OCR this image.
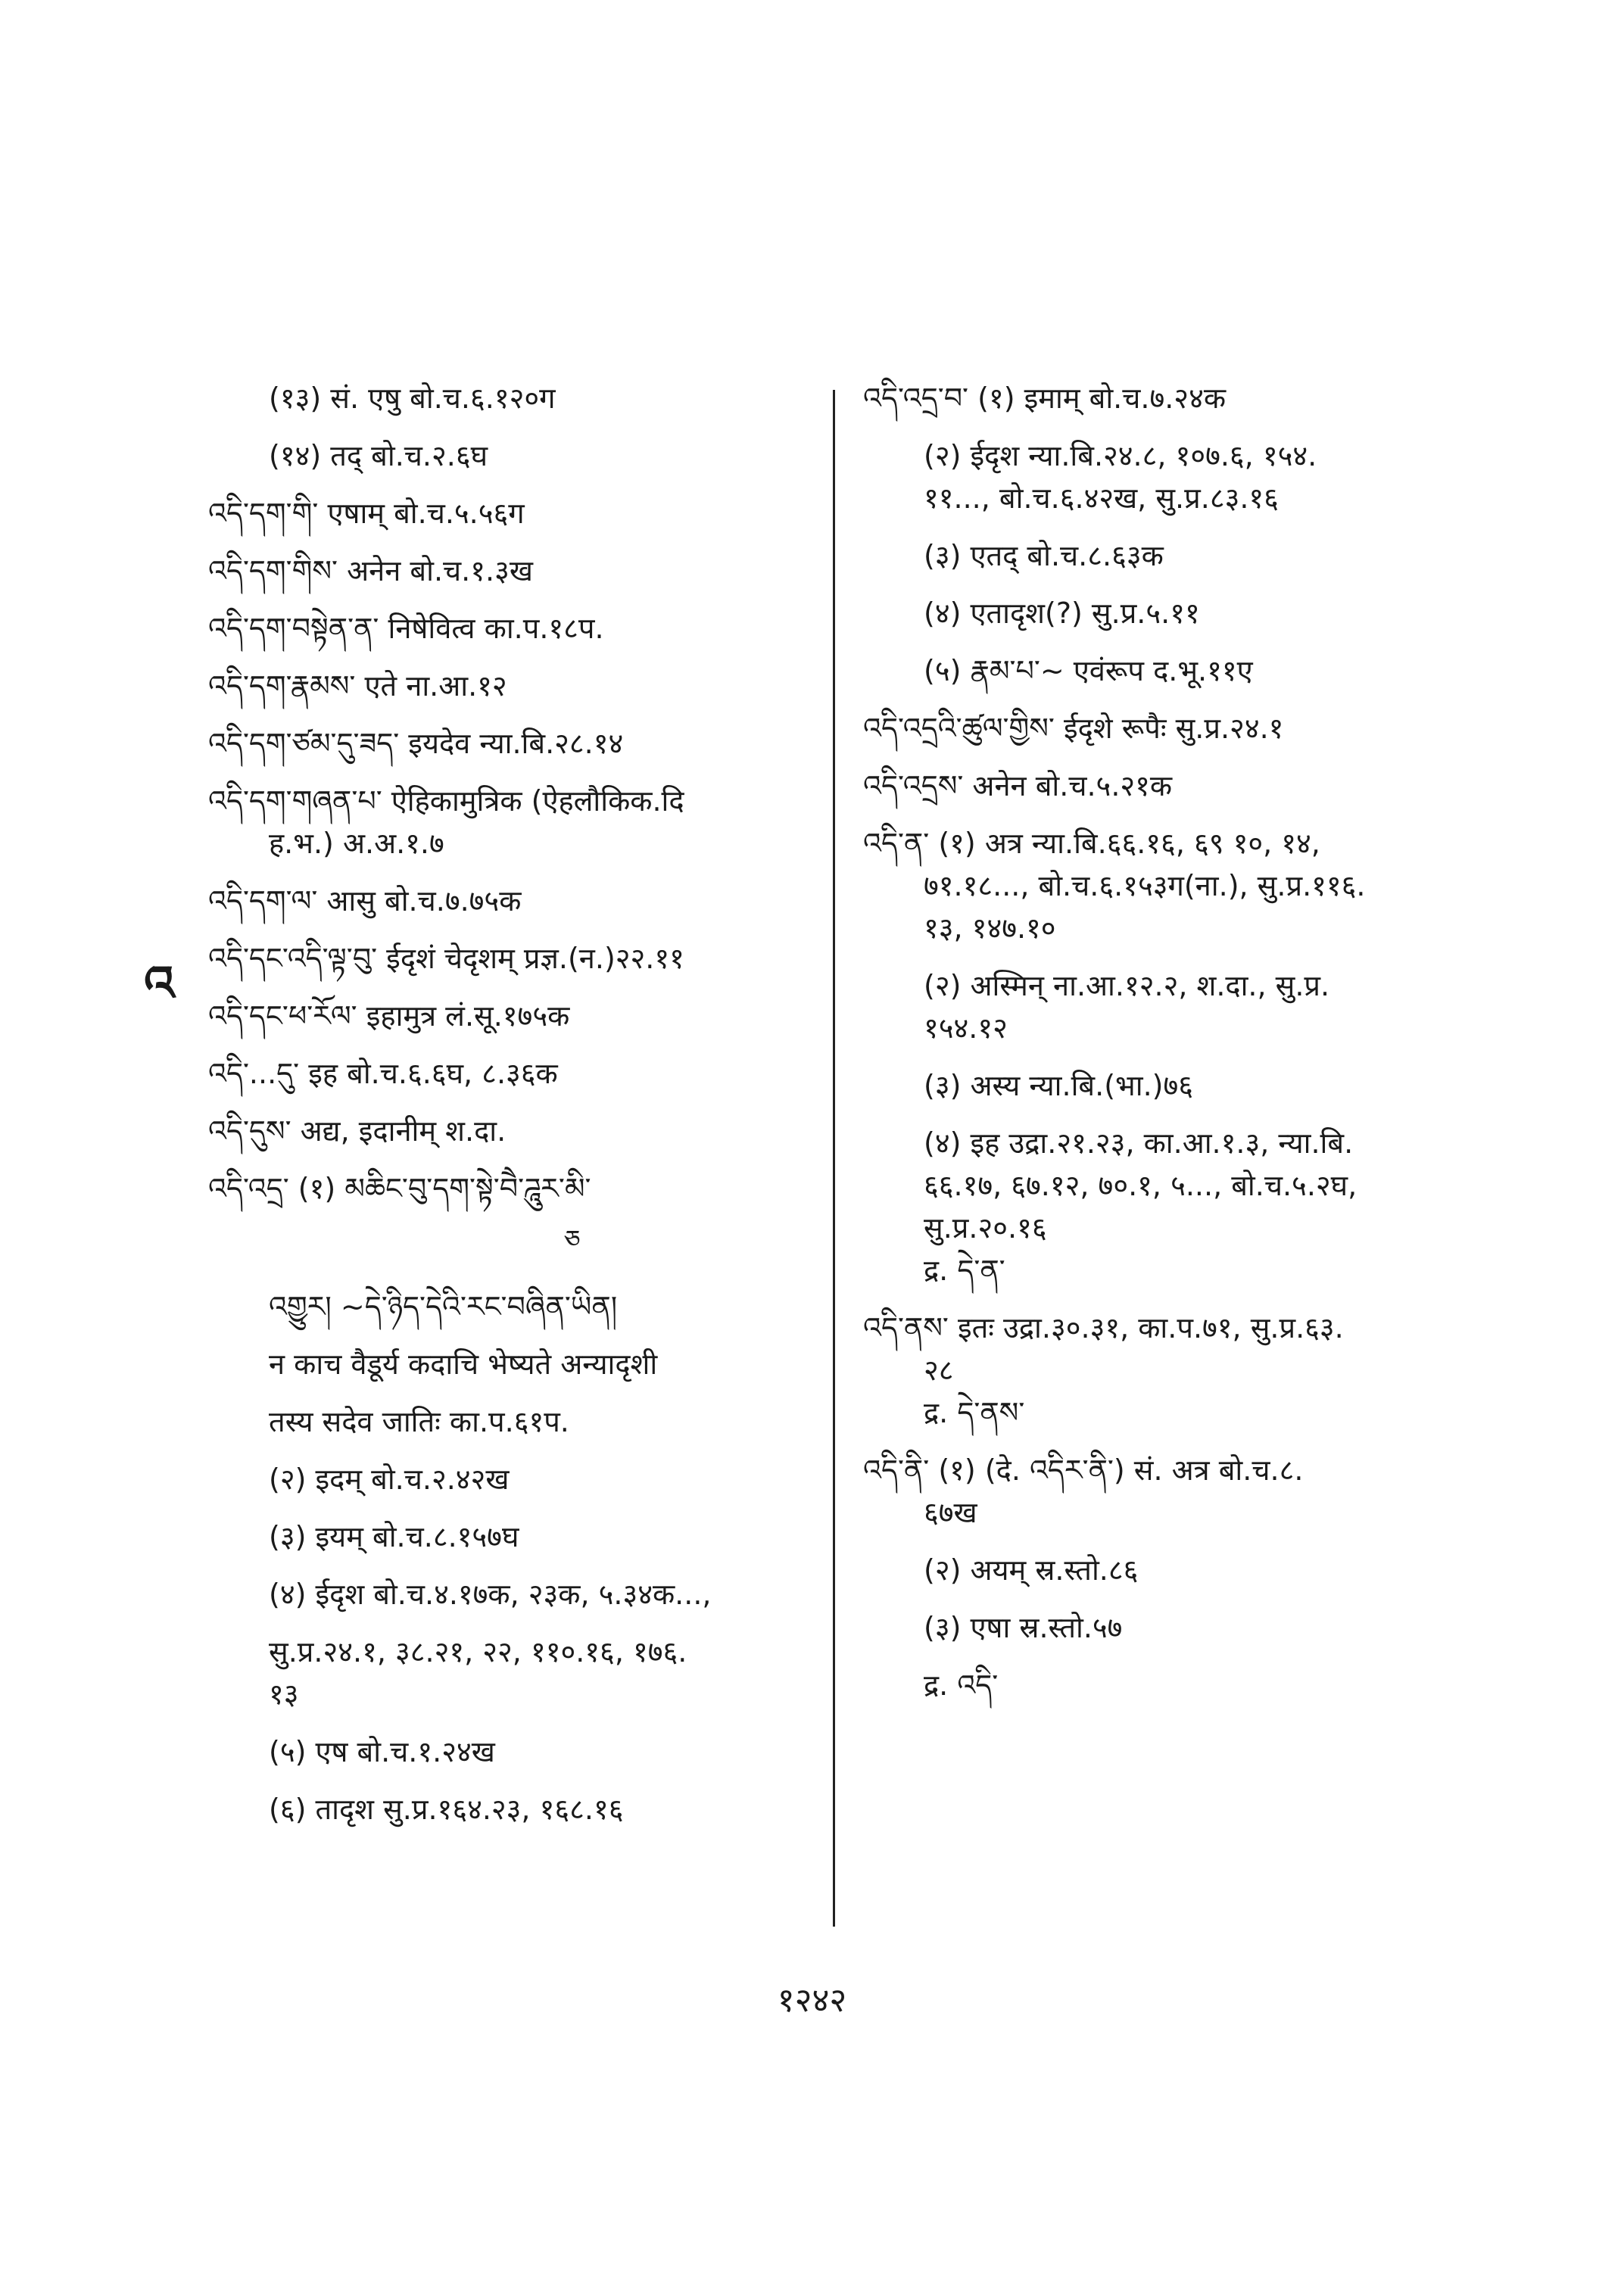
འ
(१३) सं. एषु बो.च.६.१२०ग
(१४) तद् बो.च.२.६घ
འདི་དག་གི་ एषाम् बो.च.५.५६ग
འདི་དག་གིས་ अनेन बो.च.१.३ख
འདི་དག་བསྟེན་ན་ निषेवित्व का.प.१८प.
འདི་དག་རྣམས་ एते ना.आ.१२
འདི་དག་ཙམ་དུ་ཟད་ इयदेव न्या.बि.२८.१४
འདི་དག་གཞན་པ་ ऐहिकामुत्रिक (ऐहलौकिक.दि
ह.भ.) अ.अ.१.७
འདི་དག་ལ་ आसु बो.च.७.७५क
འདི་དང་འདི་ལྟ་བུ་ ईदृशं चेदृशम् प्रज्ञ.(न.)२२.११
འདི་དང་ཕ་རོལ་ इहामुत्र लं.सू.१७५क
འདི་...དུ་ इह बो.च.६.६घ, ८.३६क
འདི་དུས་ अद्य, इदानीम् श.दा.
འདི་འདྲ་ (१) མཆིང་བུ་དག་སྟེ་བཻ་ཌཱུར་མི་
ཅ
འགྱུར། ~དེ་ཉིད་དེའི་རང་བཞིན་ཡིན།
न काच वैडूर्य कदाचि भेष्यते अन्यादृशी
तस्य सदेव जातिः का.प.६१प.
(२) इदम् बो.च.२.४२ख
(३) इयम् बो.च.८.१५७घ
(४) ईदृश बो.च.४.१७क, २३क, ५.३४क...,
सु.प्र.२४.१, ३८.२१, २२, ११०.१६, १७६.
१३
(५) एष बो.च.१.२४ख
(६) तादृश सु.प्र.१६४.२३, १६८.१६
འདི་འདྲ་བ་ (१) इमाम् बो.च.७.२४क
(२) ईदृश न्या.बि.२४.८, १०७.६, १५४.
११..., बो.च.६.४२ख, सु.प्र.८३.१६
(३) एतद् बो.च.८.६३क
(४) एतादृश(?) सु.प्र.५.११
(५) རྣམ་པ་~ एवंरूप द.भू.११ए
འདི་འདྲའི་ཚུལ་གྱིས་ ईदृशे रूपैः सु.प्र.२४.१
འདི་འདྲས་ अनेन बो.च.५.२१क
འདི་ན་ (१) अत्र न्या.बि.६६.१६, ६९ १०, १४,
७१.१८..., बो.च.६.१५३ग(ना.), सु.प्र.११६.
१३, १४७.१०
(२) अस्मिन् ना.आ.१२.२, श.दा., सु.प्र.
१५४.१२
(३) अस्य न्या.बि.(भा.)७६
(४) इह उद्रा.२१.२३, का.आ.१.३, न्या.बि.
६६.१७, ६७.१२, ७०.१, ५..., बो.च.५.२घ,
सु.प्र.२०.१६
द्र. དེ་ན་
འདི་ནས་ इतः उद्रा.३०.३१, का.प.७१, सु.प्र.६३.
२८
द्र. དེ་ནས་
འདི་ནི་ (१) (दे. འདིར་ནི་) सं. अत्र बो.च.८.
६७ख
(२) अयम् स्र.स्तो.८६
(३) एषा स्र.स्तो.५७
द्र. འདི་
१२४२
